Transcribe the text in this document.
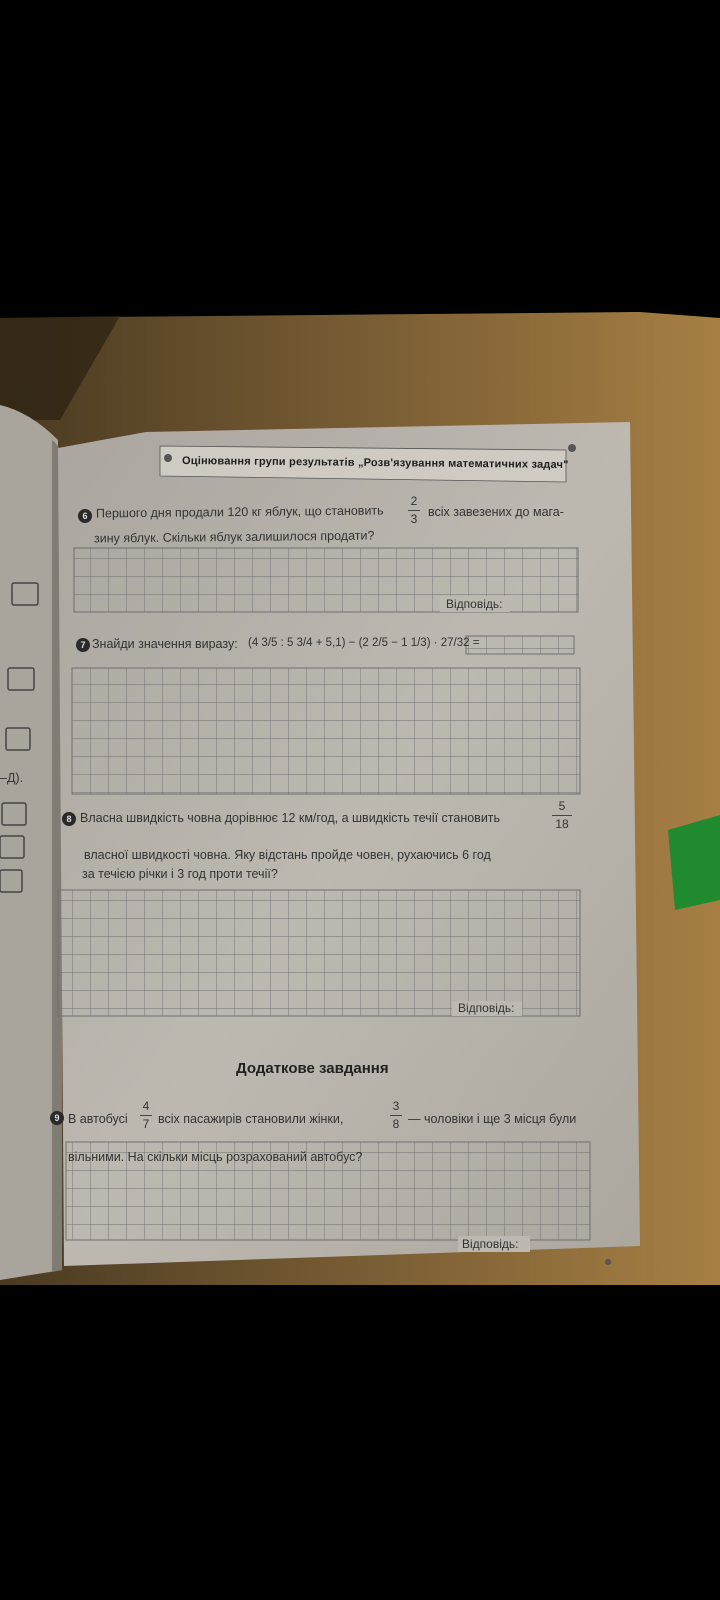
Оцінювання групи результатів „Розв'язування математичних задач"
6 Першого дня продали 120 кг яблук, що становить
2
3 всіх завезених до мага-
зину яблук. Скільки яблук залишилося продати?
Відповідь:
7 Знайди значення виразу: (4 3/5 : 5 3/4 + 5,1) − (2 2/5 − 1 1/3) · 27/32 =
8 Власна швидкість човна дорівнює 12 км/год, а швидкість течії становить
5
18
власної швидкості човна. Яку відстань пройде човен, рухаючись 6 год
за течією річки і 3 год проти течії?
Відповідь:
Додаткове завдання
9 В автобусі
4
7 всіх пасажирів становили жінки,
3
8 — чоловіки і ще 3 місця були
вільними. На скільки місць розрахований автобус?
Відповідь:
–Д).
